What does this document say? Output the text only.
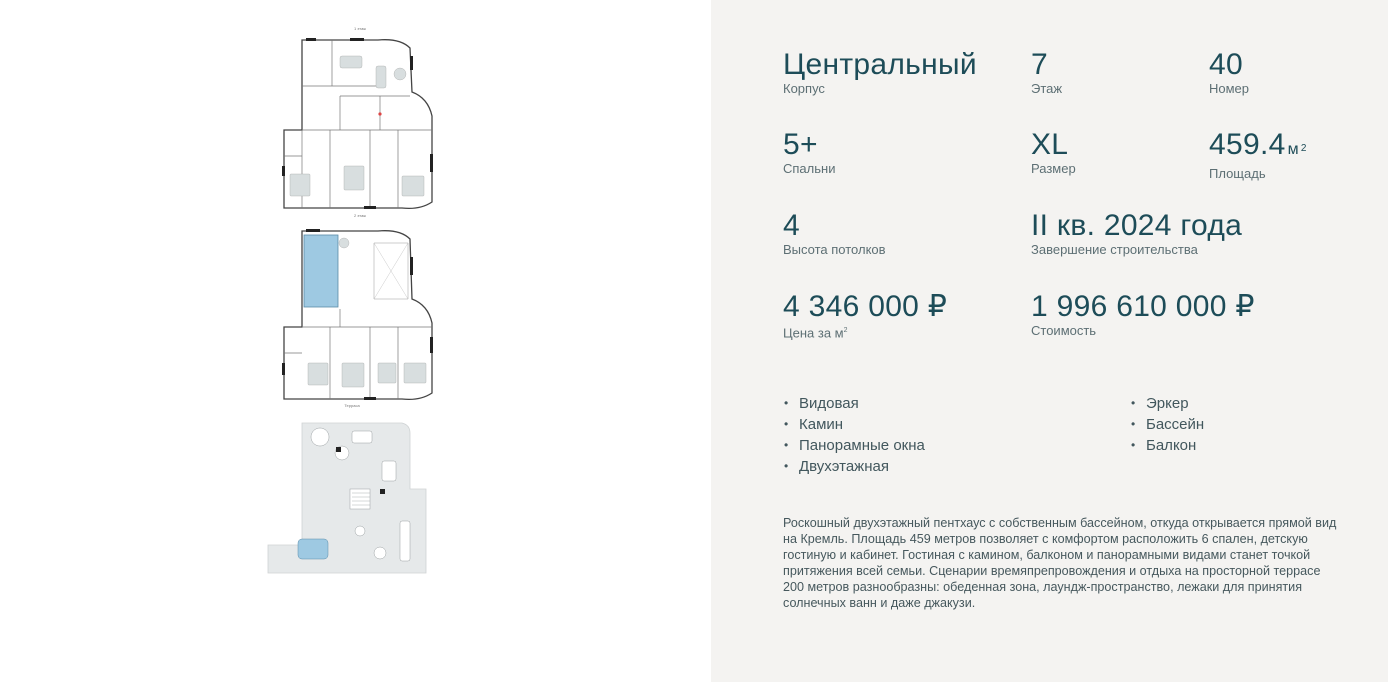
1 этаж
2 этаж
Терраса
Центральный
Корпус
7
Этаж
40
Номер
5+
Спальни
XL
Размер
459.4 м $^2$
Площадь
4
Высота потолков
II кв. 2024 года
Завершение строительства
4 346 000 ₽
Цена за $м^2$
1 996 610 000 ₽
Стоимость
• Видовая
• Камин
• Панорамные окна
• Двухэтажная
• Эркер
• Бассейн
• Балкон

Роскошный двухэтажный пентхаус с собственным бассейном, откуда открывается прямой вид на Кремль. Площадь 459 метров позволяет с комфортом расположить 6 спален, детскую гостиную и кабинет. Гостиная с камином, балконом и панорамными видами станет точкой притяжения всей семьи. Сценарии времяпрепровождения и отдыха на просторной террасе 200 метров разнообразны: обеденная зона, лаундж-пространство, лежаки для принятия солнечных ванн и даже джакузи.
